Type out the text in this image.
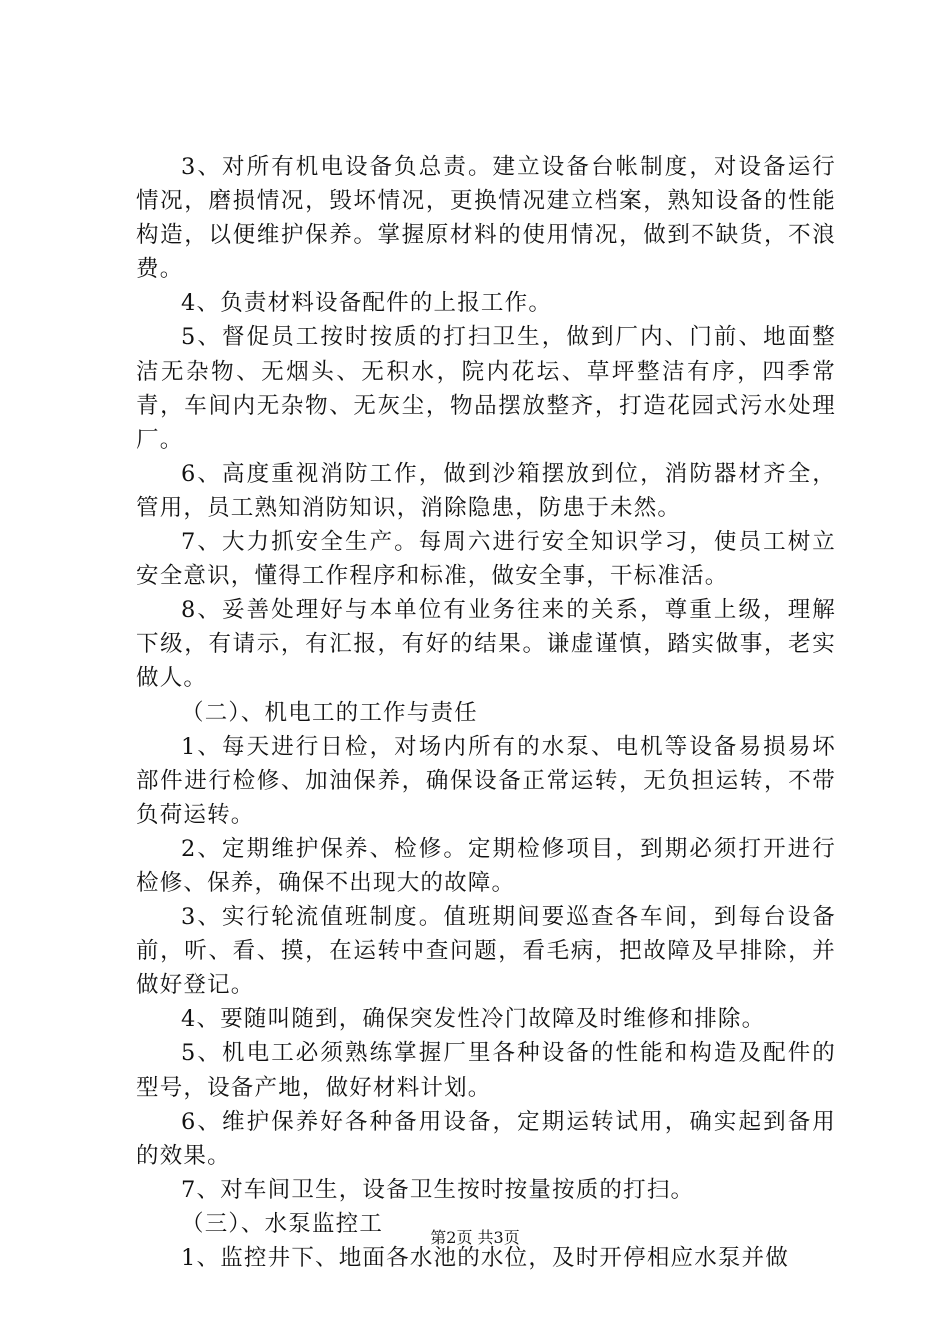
3、对所有机电设备负总责。建立设备台帐制度，对设备运行情况，磨损情况，毁坏情况，更换情况建立档案，熟知设备的性能构造，以便维护保养。掌握原材料的使用情况，做到不缺货，不浪费。

4、负责材料设备配件的上报工作。

5、督促员工按时按质的打扫卫生，做到厂内、门前、地面整洁无杂物、无烟头、无积水，院内花坛、草坪整洁有序，四季常青，车间内无杂物、无灰尘，物品摆放整齐，打造花园式污水处理厂。

6、高度重视消防工作，做到沙箱摆放到位，消防器材齐全，管用，员工熟知消防知识，消除隐患，防患于未然。

7、大力抓安全生产。每周六进行安全知识学习，使员工树立安全意识，懂得工作程序和标准，做安全事，干标准活。

8、妥善处理好与本单位有业务往来的关系，尊重上级，理解下级，有请示，有汇报，有好的结果。谦虚谨慎，踏实做事，老实做人。

（二）、机电工的工作与责任

1、每天进行日检，对场内所有的水泵、电机等设备易损易坏部件进行检修、加油保养，确保设备正常运转，无负担运转，不带负荷运转。

2、定期维护保养、检修。定期检修项目，到期必须打开进行检修、保养，确保不出现大的故障。

3、实行轮流值班制度。值班期间要巡查各车间，到每台设备前，听、看、摸，在运转中查问题，看毛病，把故障及早排除，并做好登记。

4、要随叫随到，确保突发性冷门故障及时维修和排除。

5、机电工必须熟练掌握厂里各种设备的性能和构造及配件的型号，设备产地，做好材料计划。

6、维护保养好各种备用设备，定期运转试用，确实起到备用的效果。

7、对车间卫生，设备卫生按时按量按质的打扫。

（三）、水泵监控工

1、监控井下、地面各水池的水位，及时开停相应水泵并做

第2页 共3页
